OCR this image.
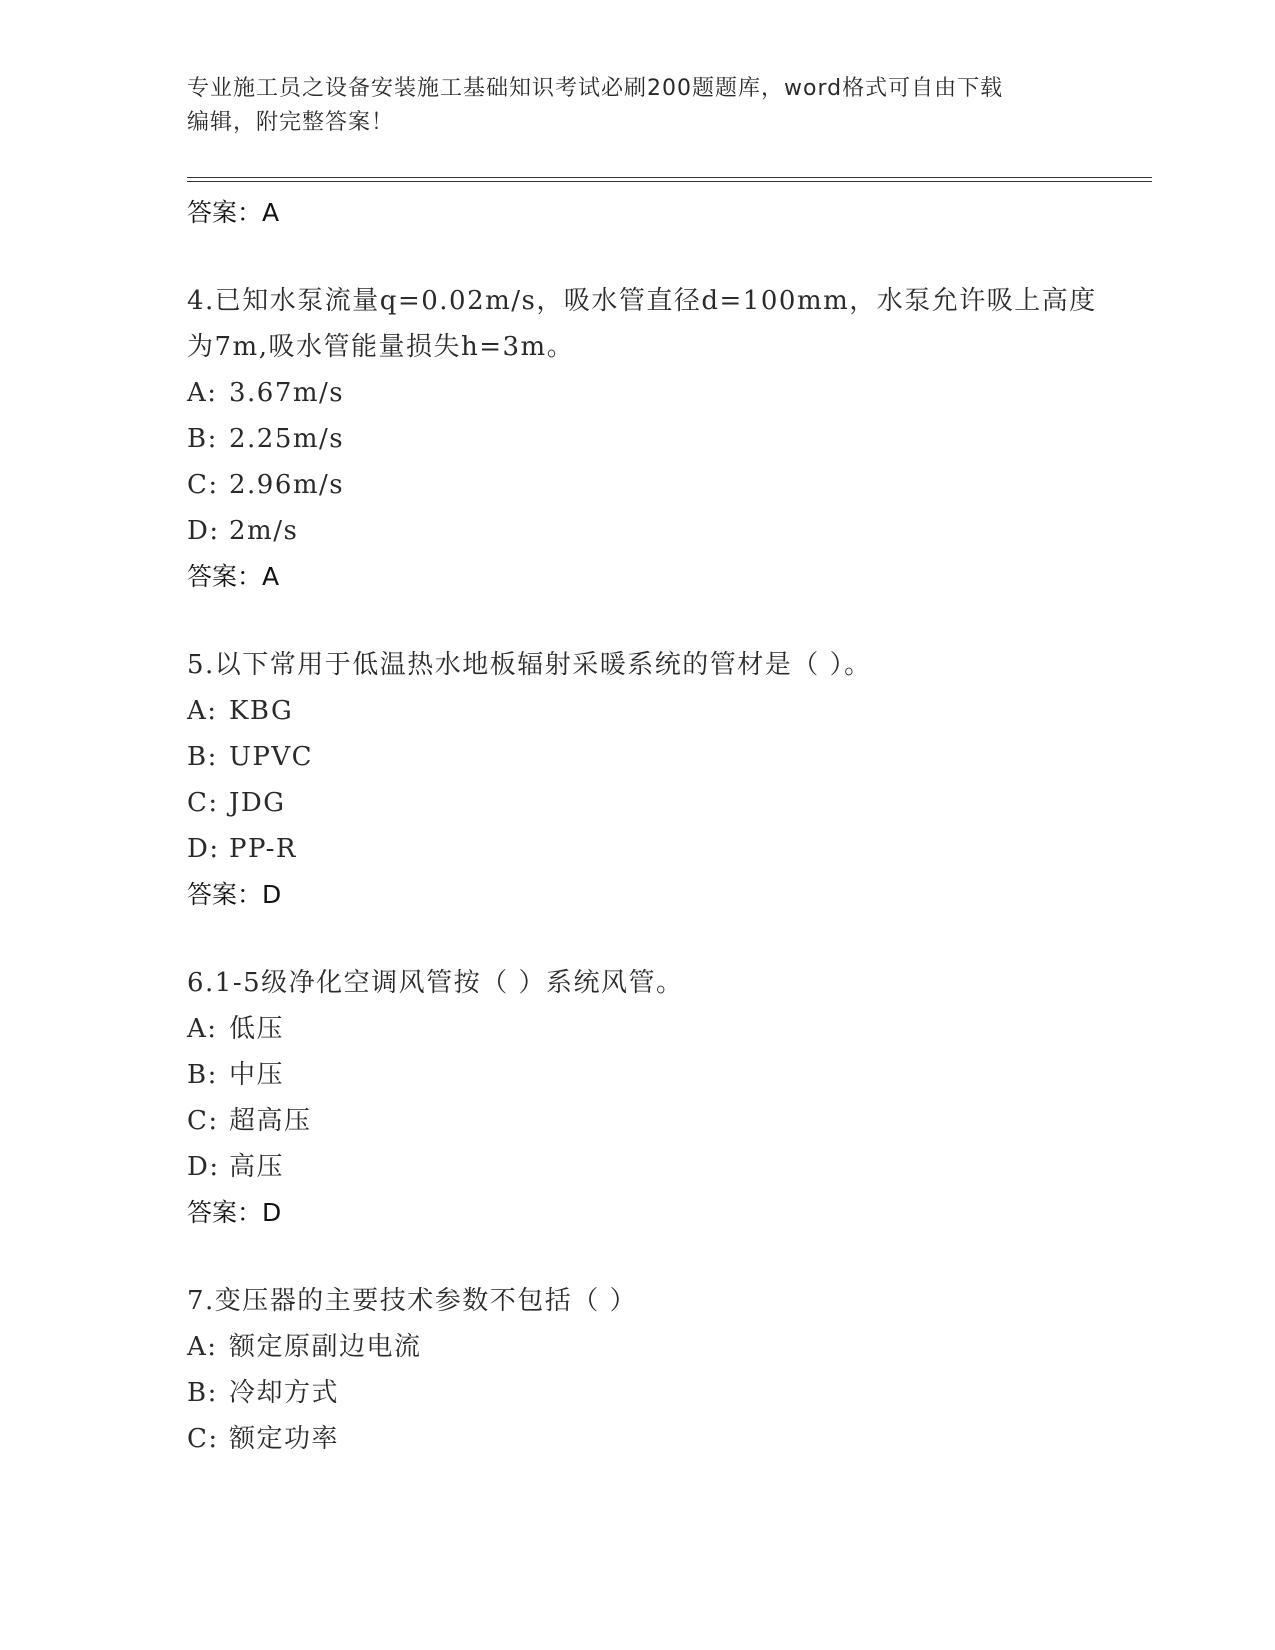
专业施工员之设备安装施工基础知识考试必刷200题题库，word格式可自由下载
编辑，附完整答案！
答案：A
4.已知水泵流量q=0.02m/s，吸水管直径d=100mm，水泵允许吸上高度
为7m,吸水管能量损失h=3m。
A: 3.67m/s
B: 2.25m/s
C: 2.96m/s
D: 2m/s
答案：A
5.以下常用于低温热水地板辐射采暖系统的管材是（ ）。
A: KBG
B: UPVC
C: JDG
D: PP-R
答案：D
6.1-5级净化空调风管按（ ）系统风管。
A: 低压
B: 中压
C: 超高压
D: 高压
答案：D
7.变压器的主要技术参数不包括（ ）
A: 额定原副边电流
B: 冷却方式
C: 额定功率
